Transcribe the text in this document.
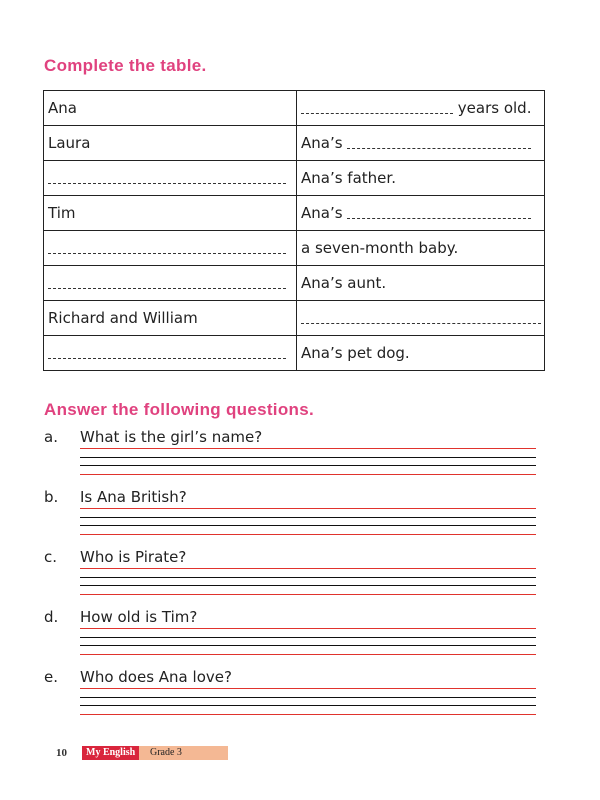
Complete the table.
Ana	years old.
Laura	Ana’s
	Ana’s father.
Tim	Ana’s
	a seven-month baby.
	Ana’s aunt.
Richard and William	
	Ana’s pet dog.
Answer the following questions.
a. What is the girl’s name?
b. Is Ana British?
c. Who is Pirate?
d. How old is Tim?
e. Who does Ana love?
10	My English	Grade 3
